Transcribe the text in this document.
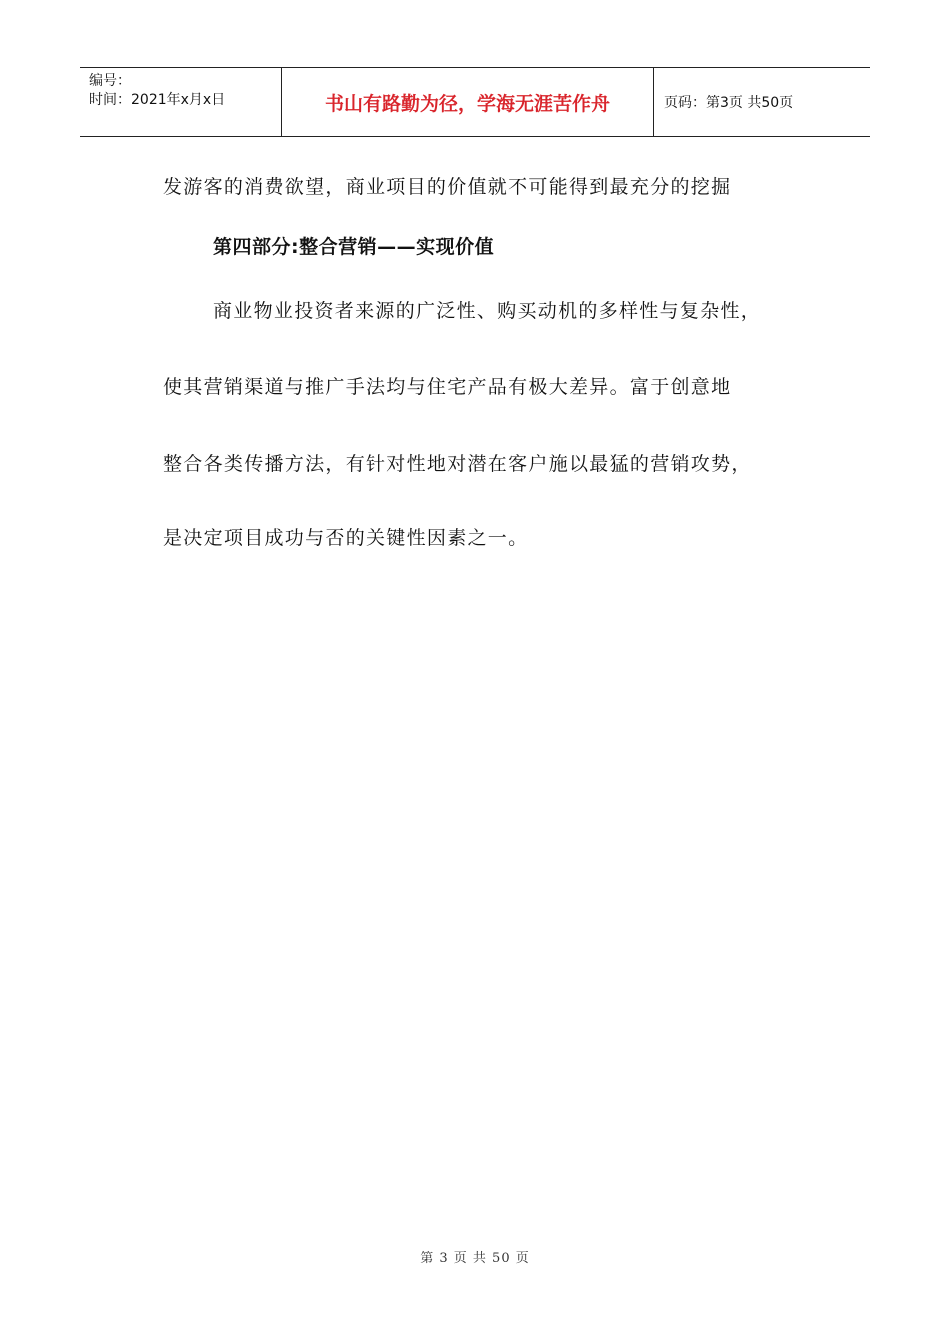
编号：
时间：2021年x月x日	书山有路勤为径，学海无涯苦作舟	页码：第3页 共50页
发游客的消费欲望，商业项目的价值就不可能得到最充分的挖掘
第四部分:整合营销——实现价值
商业物业投资者来源的广泛性、购买动机的多样性与复杂性，
使其营销渠道与推广手法均与住宅产品有极大差异。富于创意地
整合各类传播方法，有针对性地对潜在客户施以最猛的营销攻势，
是决定项目成功与否的关键性因素之一。
第 3 页 共 50 页
